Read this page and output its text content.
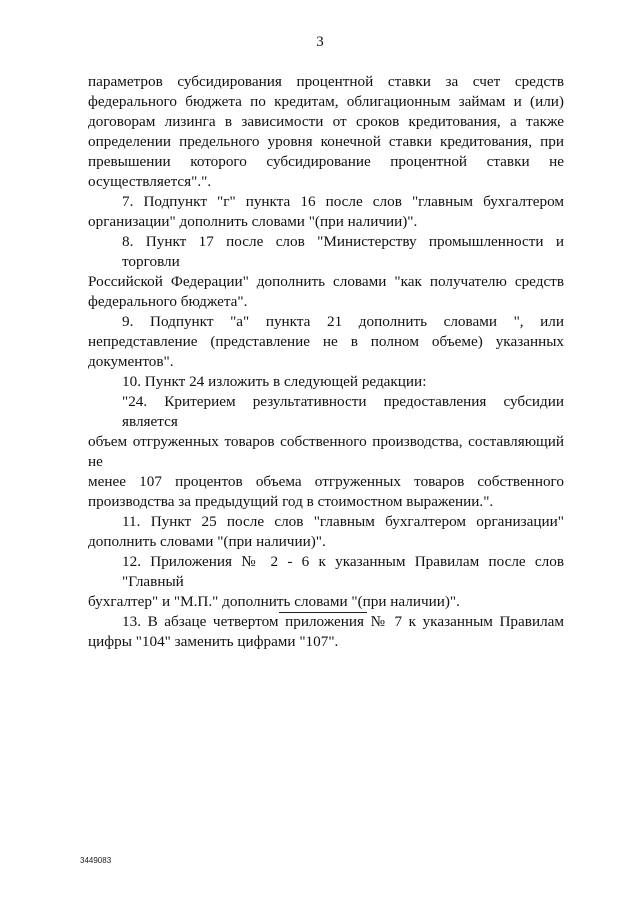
3

параметров субсидирования процентной ставки за счет средств
федерального бюджета по кредитам, облигационным займам и (или)
договорам лизинга в зависимости от сроков кредитования, а также
определении предельного уровня конечной ставки кредитования, при
превышении которого субсидирование процентной ставки не
осуществляется".".

7. Подпункт "г" пункта 16 после слов "главным бухгалтером
организации" дополнить словами "(при наличии)".

8. Пункт 17 после слов "Министерству промышленности и торговли
Российской Федерации" дополнить словами "как получателю средств
федерального бюджета".

9. Подпункт "а" пункта 21 дополнить словами ", или
непредставление (представление не в полном объеме) указанных
документов".

10. Пункт 24 изложить в следующей редакции:

"24. Критерием результативности предоставления субсидии является
объем отгруженных товаров собственного производства, составляющий не
менее 107 процентов объема отгруженных товаров собственного
производства за предыдущий год в стоимостном выражении.".

11. Пункт 25 после слов "главным бухгалтером организации"
дополнить словами "(при наличии)".

12. Приложения № 2 - 6 к указанным Правилам после слов "Главный
бухгалтер" и "М.П." дополнить словами "(при наличии)".

13. В абзаце четвертом приложения № 7 к указанным Правилам
цифры "104" заменить цифрами "107".

3449083
